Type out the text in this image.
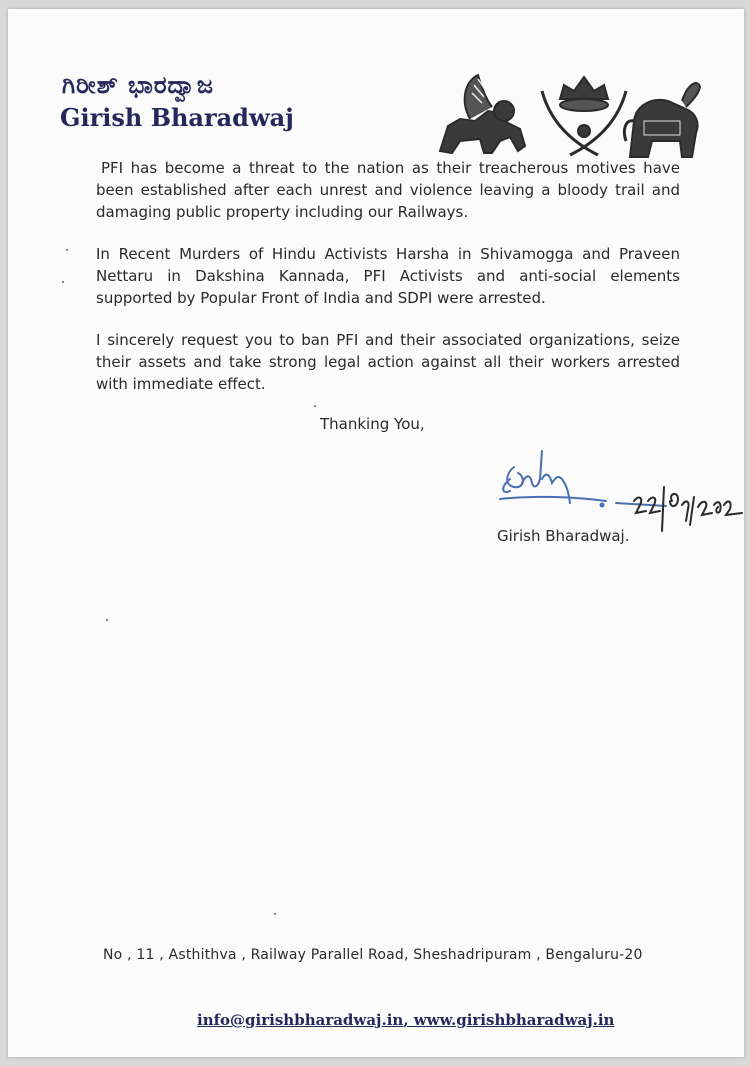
ಗಿರೀಶ್ ಭಾರದ್ವಾಜ
Girish Bharadwaj

PFI has become a threat to the nation as their treacherous motives have been established after each unrest and violence leaving a bloody trail and damaging public property including our Railways.

In Recent Murders of Hindu Activists Harsha in Shivamogga and Praveen Nettaru in Dakshina Kannada, PFI Activists and anti-social elements supported by Popular Front of India and SDPI were arrested.

I sincerely request you to ban PFI and their associated organizations, seize their assets and take strong legal action against all their workers arrested with immediate effect.

Thanking You,
Girish Bharadwaj.
No , 11 , Asthithva , Railway Parallel Road, Sheshadripuram , Bengaluru-20
info@girishbharadwaj.in, www.girishbharadwaj.in
